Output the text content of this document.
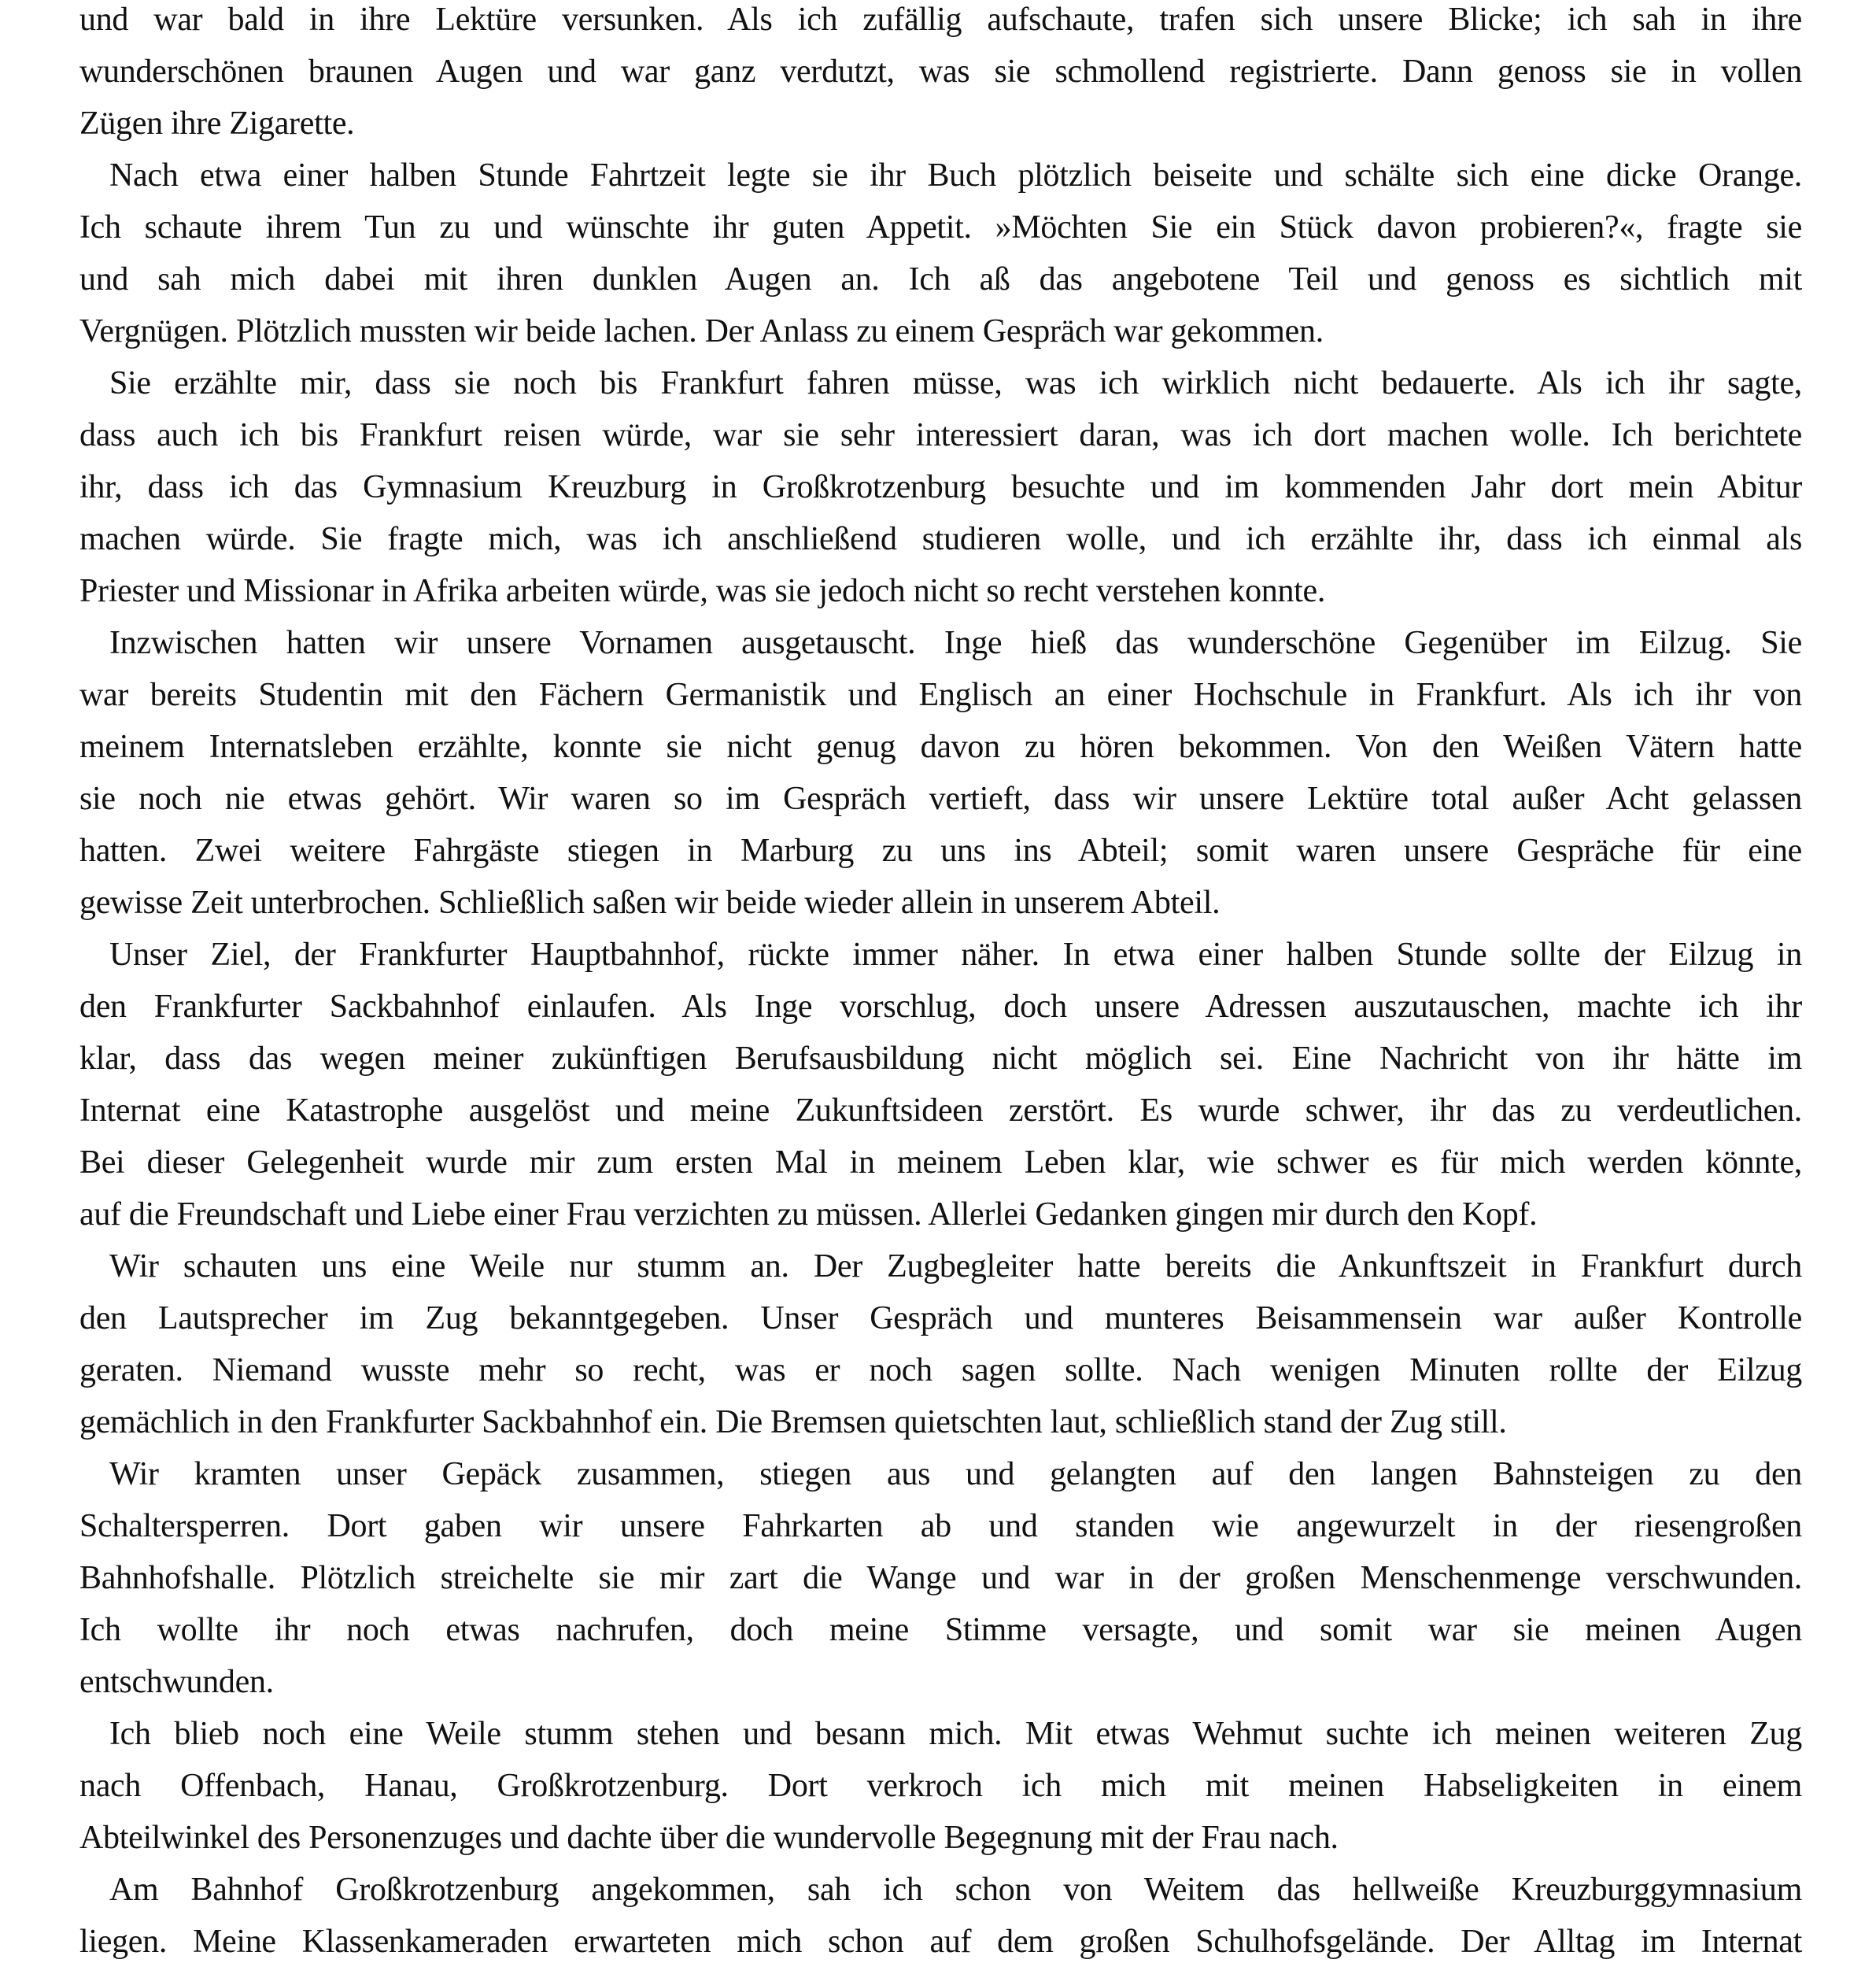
und war bald in ihre Lektüre versunken. Als ich zufällig aufschaute, trafen sich unsere Blicke; ich sah in ihre
wunderschönen braunen Augen und war ganz verdutzt, was sie schmollend registrierte. Dann genoss sie in vollen
Zügen ihre Zigarette.
Nach etwa einer halben Stunde Fahrtzeit legte sie ihr Buch plötzlich beiseite und schälte sich eine dicke Orange.
Ich schaute ihrem Tun zu und wünschte ihr guten Appetit. »Möchten Sie ein Stück davon probieren?«, fragte sie
und sah mich dabei mit ihren dunklen Augen an. Ich aß das angebotene Teil und genoss es sichtlich mit
Vergnügen. Plötzlich mussten wir beide lachen. Der Anlass zu einem Gespräch war gekommen.
Sie erzählte mir, dass sie noch bis Frankfurt fahren müsse, was ich wirklich nicht bedauerte. Als ich ihr sagte,
dass auch ich bis Frankfurt reisen würde, war sie sehr interessiert daran, was ich dort machen wolle. Ich berichtete
ihr, dass ich das Gymnasium Kreuzburg in Großkrotzenburg besuchte und im kommenden Jahr dort mein Abitur
machen würde. Sie fragte mich, was ich anschließend studieren wolle, und ich erzählte ihr, dass ich einmal als
Priester und Missionar in Afrika arbeiten würde, was sie jedoch nicht so recht verstehen konnte.
Inzwischen hatten wir unsere Vornamen ausgetauscht. Inge hieß das wunderschöne Gegenüber im Eilzug. Sie
war bereits Studentin mit den Fächern Germanistik und Englisch an einer Hochschule in Frankfurt. Als ich ihr von
meinem Internatsleben erzählte, konnte sie nicht genug davon zu hören bekommen. Von den Weißen Vätern hatte
sie noch nie etwas gehört. Wir waren so im Gespräch vertieft, dass wir unsere Lektüre total außer Acht gelassen
hatten. Zwei weitere Fahrgäste stiegen in Marburg zu uns ins Abteil; somit waren unsere Gespräche für eine
gewisse Zeit unterbrochen. Schließlich saßen wir beide wieder allein in unserem Abteil.
Unser Ziel, der Frankfurter Hauptbahnhof, rückte immer näher. In etwa einer halben Stunde sollte der Eilzug in
den Frankfurter Sackbahnhof einlaufen. Als Inge vorschlug, doch unsere Adressen auszutauschen, machte ich ihr
klar, dass das wegen meiner zukünftigen Berufsausbildung nicht möglich sei. Eine Nachricht von ihr hätte im
Internat eine Katastrophe ausgelöst und meine Zukunftsideen zerstört. Es wurde schwer, ihr das zu verdeutlichen.
Bei dieser Gelegenheit wurde mir zum ersten Mal in meinem Leben klar, wie schwer es für mich werden könnte,
auf die Freundschaft und Liebe einer Frau verzichten zu müssen. Allerlei Gedanken gingen mir durch den Kopf.
Wir schauten uns eine Weile nur stumm an. Der Zugbegleiter hatte bereits die Ankunftszeit in Frankfurt durch
den Lautsprecher im Zug bekanntgegeben. Unser Gespräch und munteres Beisammensein war außer Kontrolle
geraten. Niemand wusste mehr so recht, was er noch sagen sollte. Nach wenigen Minuten rollte der Eilzug
gemächlich in den Frankfurter Sackbahnhof ein. Die Bremsen quietschten laut, schließlich stand der Zug still.
Wir kramten unser Gepäck zusammen, stiegen aus und gelangten auf den langen Bahnsteigen zu den
Schaltersperren. Dort gaben wir unsere Fahrkarten ab und standen wie angewurzelt in der riesengroßen
Bahnhofshalle. Plötzlich streichelte sie mir zart die Wange und war in der großen Menschenmenge verschwunden.
Ich wollte ihr noch etwas nachrufen, doch meine Stimme versagte, und somit war sie meinen Augen
entschwunden.
Ich blieb noch eine Weile stumm stehen und besann mich. Mit etwas Wehmut suchte ich meinen weiteren Zug
nach Offenbach, Hanau, Großkrotzenburg. Dort verkroch ich mich mit meinen Habseligkeiten in einem
Abteilwinkel des Personenzuges und dachte über die wundervolle Begegnung mit der Frau nach.
Am Bahnhof Großkrotzenburg angekommen, sah ich schon von Weitem das hellweiße Kreuzburggymnasium
liegen. Meine Klassenkameraden erwarteten mich schon auf dem großen Schulhofsgelände. Der Alltag im Internat
